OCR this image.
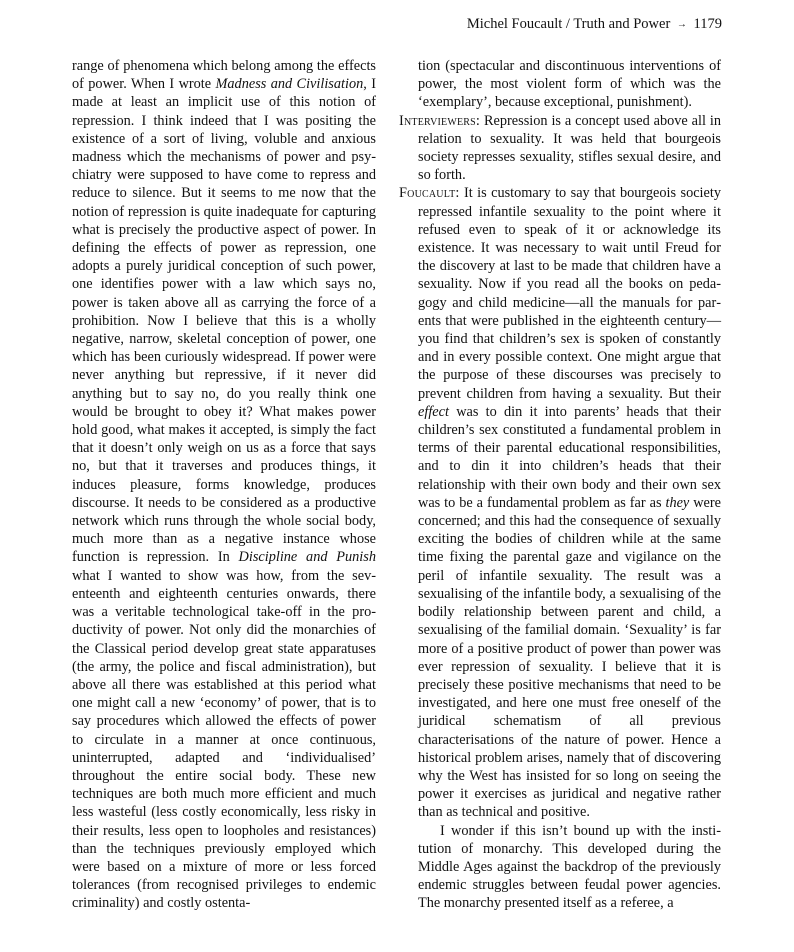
Michel Foucault / Truth and Power → 1179

range of phenomena which belong among the effects of power. When I wrote Madness and Civilisation, I made at least an implicit use of this notion of repression. I think indeed that I was positing the existence of a sort of living, voluble and anxious madness which the mechanisms of power and psychiatry were supposed to have come to repress and reduce to silence. But it seems to me now that the notion of repression is quite inadequate for capturing what is precisely the productive aspect of power. In defining the effects of power as repression, one adopts a purely juridical conception of such power, one identifies power with a law which says no, power is taken above all as carrying the force of a prohibition. Now I believe that this is a wholly negative, narrow, skeletal conception of power, one which has been curiously widespread. If power were never anything but repressive, if it never did anything but to say no, do you really think one would be brought to obey it? What makes power hold good, what makes it accepted, is simply the fact that it doesn’t only weigh on us as a force that says no, but that it traverses and produces things, it induces pleasure, forms knowledge, produces discourse. It needs to be considered as a productive network which runs through the whole social body, much more than as a negative instance whose function is repression. In Discipline and Punish what I wanted to show was how, from the seventeenth and eighteenth centuries onwards, there was a veritable technological take-off in the productivity of power. Not only did the monarchies of the Classical period develop great state apparatuses (the army, the police and fiscal administration), but above all there was established at this period what one might call a new ‘economy’ of power, that is to say procedures which allowed the effects of power to circulate in a manner at once continuous, uninterrupted, adapted and ‘individualised’ throughout the entire social body. These new techniques are both much more efficient and much less wasteful (less costly economically, less risky in their results, less open to loopholes and resistances) than the techniques previously employed which were based on a mixture of more or less forced tolerances (from recognised privileges to endemic criminality) and costly ostenta-

tion (spectacular and discontinuous interventions of power, the most violent form of which was the ‘exemplary’, because exceptional, punishment).

Interviewers: Repression is a concept used above all in relation to sexuality. It was held that bourgeois society represses sexuality, stifles sexual desire, and so forth.

Foucault: It is customary to say that bourgeois society repressed infantile sexuality to the point where it refused even to speak of it or acknowledge its existence. It was necessary to wait until Freud for the discovery at last to be made that children have a sexuality. Now if you read all the books on pedagogy and child medicine—all the manuals for parents that were published in the eighteenth century—you find that children’s sex is spoken of constantly and in every possible context. One might argue that the purpose of these discourses was precisely to prevent children from having a sexuality. But their effect was to din it into parents’ heads that their children’s sex constituted a fundamental problem in terms of their parental educational responsibilities, and to din it into children’s heads that their relationship with their own body and their own sex was to be a fundamental problem as far as they were concerned; and this had the consequence of sexually exciting the bodies of children while at the same time fixing the parental gaze and vigilance on the peril of infantile sexuality. The result was a sexualising of the infantile body, a sexualising of the bodily relationship between parent and child, a sexualising of the familial domain. ‘Sexuality’ is far more of a positive product of power than power was ever repression of sexuality. I believe that it is precisely these positive mechanisms that need to be investigated, and here one must free oneself of the juridical schematism of all previous characterisations of the nature of power. Hence a historical problem arises, namely that of discovering why the West has insisted for so long on seeing the power it exercises as juridical and negative rather than as technical and positive.

I wonder if this isn’t bound up with the institution of monarchy. This developed during the Middle Ages against the backdrop of the previously endemic struggles between feudal power agencies. The monarchy presented itself as a referee, a
